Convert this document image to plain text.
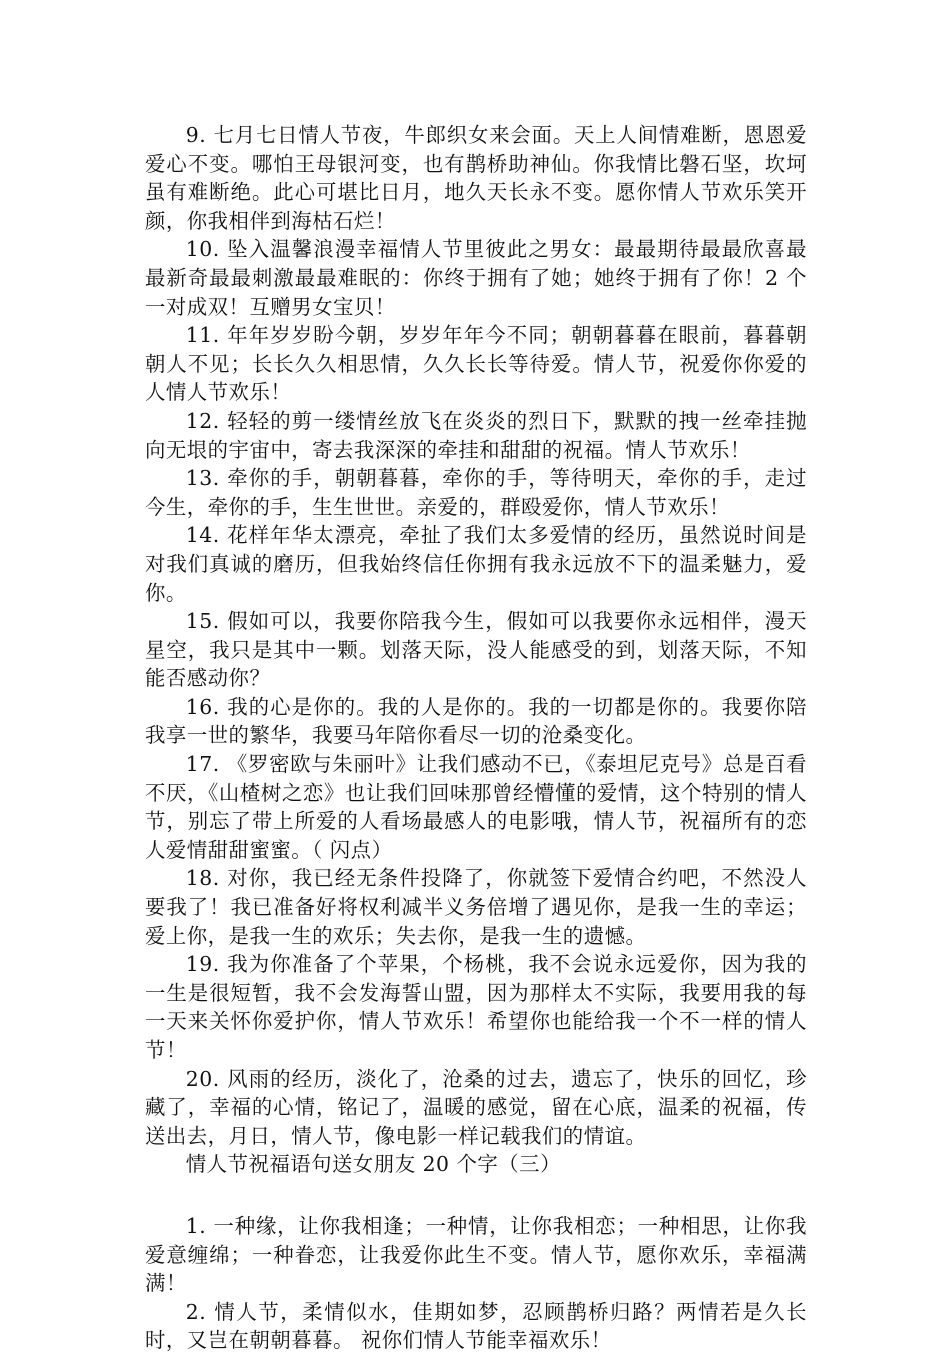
9. 七月七日情人节夜，牛郎织女来会面。天上人间情难断，恩恩爱爱心不变。哪怕王母银河变，也有鹊桥助神仙。你我情比磐石坚，坎坷虽有难断绝。此心可堪比日月，地久天长永不变。愿你情人节欢乐笑开颜，你我相伴到海枯石烂！

10. 坠入温馨浪漫幸福情人节里彼此之男女：最最期待最最欣喜最最新奇最最刺激最最难眠的：你终于拥有了她；她终于拥有了你！2 个一对成双！互赠男女宝贝！

11. 年年岁岁盼今朝，岁岁年年今不同；朝朝暮暮在眼前，暮暮朝朝人不见；长长久久相思情，久久长长等待爱。情人节，祝爱你你爱的人情人节欢乐！

12. 轻轻的剪一缕情丝放飞在炎炎的烈日下，默默的拽一丝牵挂抛向无垠的宇宙中，寄去我深深的牵挂和甜甜的祝福。情人节欢乐！

13. 牵你的手，朝朝暮暮，牵你的手，等待明天，牵你的手，走过今生，牵你的手，生生世世。亲爱的，群殴爱你，情人节欢乐！

14. 花样年华太漂亮，牵扯了我们太多爱情的经历，虽然说时间是对我们真诚的磨历，但我始终信任你拥有我永远放不下的温柔魅力，爱你。

15. 假如可以，我要你陪我今生，假如可以我要你永远相伴，漫天星空，我只是其中一颗。划落天际，没人能感受的到，划落天际，不知能否感动你？

16. 我的心是你的。我的人是你的。我的一切都是你的。我要你陪我享一世的繁华，我要马年陪你看尽一切的沧桑变化。

17. 《罗密欧与朱丽叶》让我们感动不已，《泰坦尼克号》总是百看不厌，《山楂树之恋》也让我们回味那曾经懵懂的爱情，这个特别的情人节，别忘了带上所爱的人看场最感人的电影哦，情人节，祝福所有的恋人爱情甜甜蜜蜜。（ 闪点）

18. 对你，我已经无条件投降了，你就签下爱情合约吧，不然没人要我了！我已准备好将权利减半义务倍增了遇见你，是我一生的幸运；爱上你，是我一生的欢乐；失去你，是我一生的遗憾。

19. 我为你准备了个苹果，个杨桃，我不会说永远爱你，因为我的一生是很短暂，我不会发海誓山盟，因为那样太不实际，我要用我的每一天来关怀你爱护你，情人节欢乐！希望你也能给我一个不一样的情人节！

20. 风雨的经历，淡化了，沧桑的过去，遗忘了，快乐的回忆，珍藏了，幸福的心情，铭记了，温暖的感觉，留在心底，温柔的祝福，传送出去，月日，情人节，像电影一样记载我们的情谊。

情人节祝福语句送女朋友 20 个字（三）

1. 一种缘，让你我相逢；一种情，让你我相恋；一种相思，让你我爱意缠绵；一种眷恋，让我爱你此生不变。情人节，愿你欢乐，幸福满满！

2. 情人节，柔情似水，佳期如梦，忍顾鹊桥归路？两情若是久长时，又岂在朝朝暮暮。 祝你们情人节能幸福欢乐！
